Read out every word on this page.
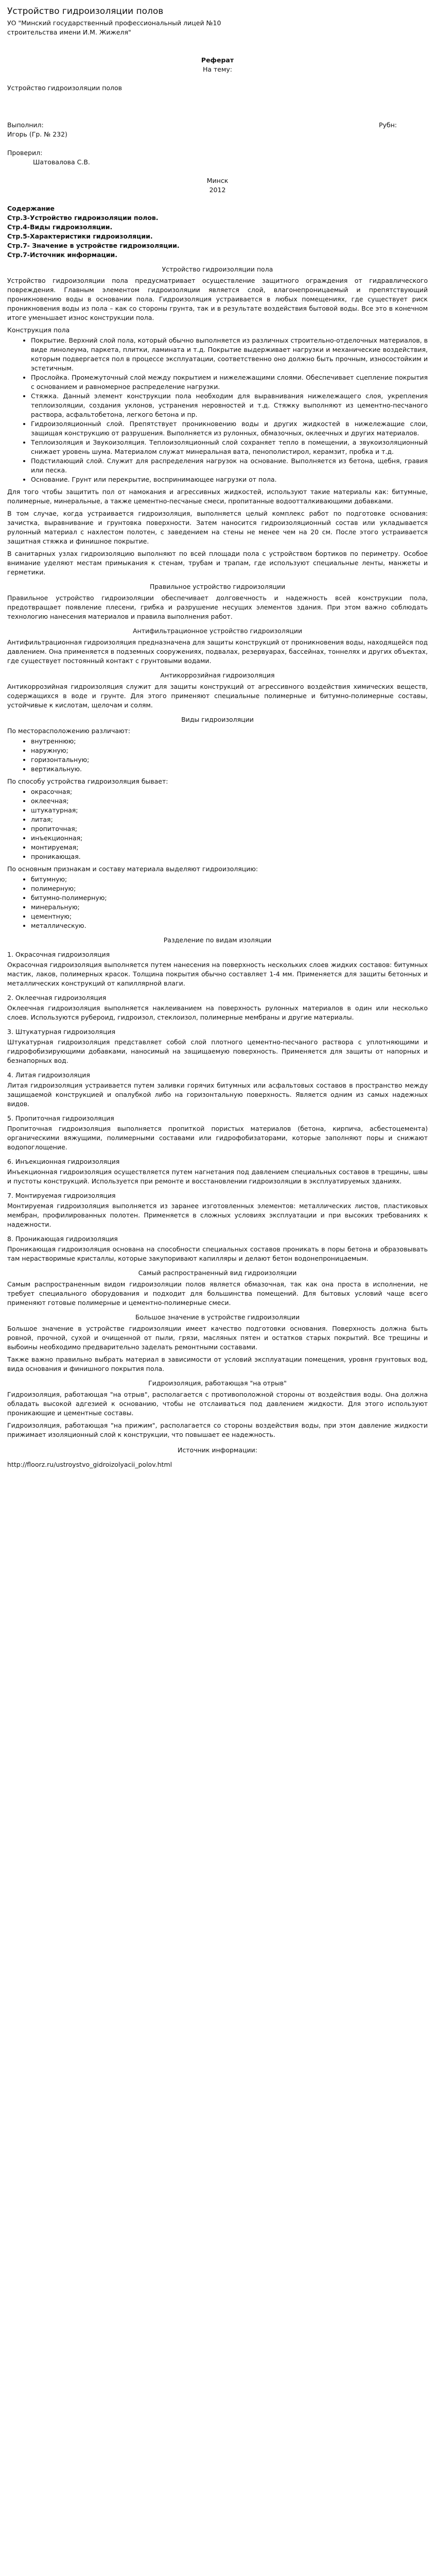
Устройство гидроизоляции полов

УО "Минский государственный профессиональный лицей №10

строительства имени И.М. Жижеля"

Реферат

На тему:

Устройство гидроизоляции полов

Выполнил:	Рубн:

Игорь (Гр. № 232)

Проверил:

Шатовалова С.В.

Минск

2012

Содержание

Стр.3-Устройство гидроизоляции полов.

Стр.4-Виды гидроизоляции.

Стр.5-Характеристики гидроизоляции.

Стр.7- Значение в устройстве гидроизоляции.

Стр.7-Источник информации.

Устройство гидроизоляции пола

Устройство гидроизоляции пола предусматривает осуществление защитного ограждения от гидравлического повреждения. Главным элементом гидроизоляции является слой, влагонепроницаемый и препятствующий проникновению воды в основании пола. Гидроизоляция устраивается в любых помещениях, где существует риск проникновения воды из пола – как со стороны грунта, так и в результате воздействия бытовой воды. Все это в конечном итоге уменьшает износ конструкции пола.

Конструкция пола

• Покрытие. Верхний слой пола, который обычно выполняется из различных строительно-отделочных материалов, в виде линолеума, паркета, плитки, ламината и т.д. Покрытие выдерживает нагрузки и механические воздействия, которым подвергается пол в процессе эксплуатации, соответственно оно должно быть прочным, износостойким и эстетичным.
• Прослойка. Промежуточный слой между покрытием и нижележащими слоями. Обеспечивает сцепление покрытия с основанием и равномерное распределение нагрузки.
• Стяжка. Данный элемент конструкции пола необходим для выравнивания нижележащего слоя, укрепления теплоизоляции, создания уклонов, устранения неровностей и т.д. Стяжку выполняют из цементно-песчаного раствора, асфальтобетона, легкого бетона и пр.
• Гидроизоляционный слой. Препятствует проникновению воды и других жидкостей в нижележащие слои, защищая конструкцию от разрушения. Выполняется из рулонных, обмазочных, оклеечных и других материалов.
• Теплоизоляция и Звукоизоляция. Теплоизоляционный слой сохраняет тепло в помещении, а звукоизоляционный снижает уровень шума. Материалом служат минеральная вата, пенополистирол, керамзит, пробка и т.д.
• Подстилающий слой. Служит для распределения нагрузок на основание. Выполняется из бетона, щебня, гравия или песка.
• Основание. Грунт или перекрытие, воспринимающее нагрузки от пола.

Для того чтобы защитить пол от намокания и агрессивных жидкостей, используют такие материалы как: битумные, полимерные, минеральные, а также цементно-песчаные смеси, пропитанные водоотталкивающими добавками.

В том случае, когда устраивается гидроизоляция, выполняется целый комплекс работ по подготовке основания: зачистка, выравнивание и грунтовка поверхности. Затем наносится гидроизоляционный состав или укладывается рулонный материал с нахлестом полотен, с заведением на стены не менее чем на 20 см. После этого устраивается защитная стяжка и финишное покрытие.

В санитарных узлах гидроизоляцию выполняют по всей площади пола с устройством бортиков по периметру. Особое внимание уделяют местам примыкания к стенам, трубам и трапам, где используют специальные ленты, манжеты и герметики.

Правильное устройство гидроизоляции

Правильное устройство гидроизоляции обеспечивает долговечность и надежность всей конструкции пола, предотвращает появление плесени, грибка и разрушение несущих элементов здания. При этом важно соблюдать технологию нанесения материалов и правила выполнения работ.

Антифильтрационное устройство гидроизоляции

Антифильтрационная гидроизоляция предназначена для защиты конструкций от проникновения воды, находящейся под давлением. Она применяется в подземных сооружениях, подвалах, резервуарах, бассейнах, тоннелях и других объектах, где существует постоянный контакт с грунтовыми водами.

Антикоррозийная гидроизоляция

Антикоррозийная гидроизоляция служит для защиты конструкций от агрессивного воздействия химических веществ, содержащихся в воде и грунте. Для этого применяют специальные полимерные и битумно-полимерные составы, устойчивые к кислотам, щелочам и солям.

Виды гидроизоляции

По месторасположению различают:

• внутреннюю;
• наружную;
• горизонтальную;
• вертикальную.

По способу устройства гидроизоляция бывает:

• окрасочная;
• оклеечная;
• штукатурная;
• литая;
• пропиточная;
• инъекционная;
• монтируемая;
• проникающая.

По основным признакам и составу материала выделяют гидроизоляцию:

• битумную;
• полимерную;
• битумно-полимерную;
• минеральную;
• цементную;
• металлическую.

Разделение по видам изоляции

1. Окрасочная гидроизоляция

Окрасочная гидроизоляция выполняется путем нанесения на поверхность нескольких слоев жидких составов: битумных мастик, лаков, полимерных красок. Толщина покрытия обычно составляет 1-4 мм. Применяется для защиты бетонных и металлических конструкций от капиллярной влаги.

2. Оклеечная гидроизоляция

Оклеечная гидроизоляция выполняется наклеиванием на поверхность рулонных материалов в один или несколько слоев. Используются рубероид, гидроизол, стеклоизол, полимерные мембраны и другие материалы.

3. Штукатурная гидроизоляция

Штукатурная гидроизоляция представляет собой слой плотного цементно-песчаного раствора с уплотняющими и гидрофобизирующими добавками, наносимый на защищаемую поверхность. Применяется для защиты от напорных и безнапорных вод.

4. Литая гидроизоляция

Литая гидроизоляция устраивается путем заливки горячих битумных или асфальтовых составов в пространство между защищаемой конструкцией и опалубкой либо на горизонтальную поверхность. Является одним из самых надежных видов.

5. Пропиточная гидроизоляция

Пропиточная гидроизоляция выполняется пропиткой пористых материалов (бетона, кирпича, асбестоцемента) органическими вяжущими, полимерными составами или гидрофобизаторами, которые заполняют поры и снижают водопоглощение.

6. Инъекционная гидроизоляция

Инъекционная гидроизоляция осуществляется путем нагнетания под давлением специальных составов в трещины, швы и пустоты конструкций. Используется при ремонте и восстановлении гидроизоляции в эксплуатируемых зданиях.

7. Монтируемая гидроизоляция

Монтируемая гидроизоляция выполняется из заранее изготовленных элементов: металлических листов, пластиковых мембран, профилированных полотен. Применяется в сложных условиях эксплуатации и при высоких требованиях к надежности.

8. Проникающая гидроизоляция

Проникающая гидроизоляция основана на способности специальных составов проникать в поры бетона и образовывать там нерастворимые кристаллы, которые закупоривают капилляры и делают бетон водонепроницаемым.

Самый распространенный вид гидроизоляции

Самым распространенным видом гидроизоляции полов является обмазочная, так как она проста в исполнении, не требует специального оборудования и подходит для большинства помещений. Для бытовых условий чаще всего применяют готовые полимерные и цементно-полимерные смеси.

Большое значение в устройстве гидроизоляции

Большое значение в устройстве гидроизоляции имеет качество подготовки основания. Поверхность должна быть ровной, прочной, сухой и очищенной от пыли, грязи, масляных пятен и остатков старых покрытий. Все трещины и выбоины необходимо предварительно заделать ремонтными составами.

Также важно правильно выбрать материал в зависимости от условий эксплуатации помещения, уровня грунтовых вод, вида основания и финишного покрытия пола.

Гидроизоляция, работающая "на отрыв"

Гидроизоляция, работающая "на отрыв", располагается с противоположной стороны от воздействия воды. Она должна обладать высокой адгезией к основанию, чтобы не отслаиваться под давлением жидкости. Для этого используют проникающие и цементные составы.

Гидроизоляция, работающая "на прижим", располагается со стороны воздействия воды, при этом давление жидкости прижимает изоляционный слой к конструкции, что повышает ее надежность.

Источник информации:

http://floorz.ru/ustroystvo_gidroizolyacii_polov.html
